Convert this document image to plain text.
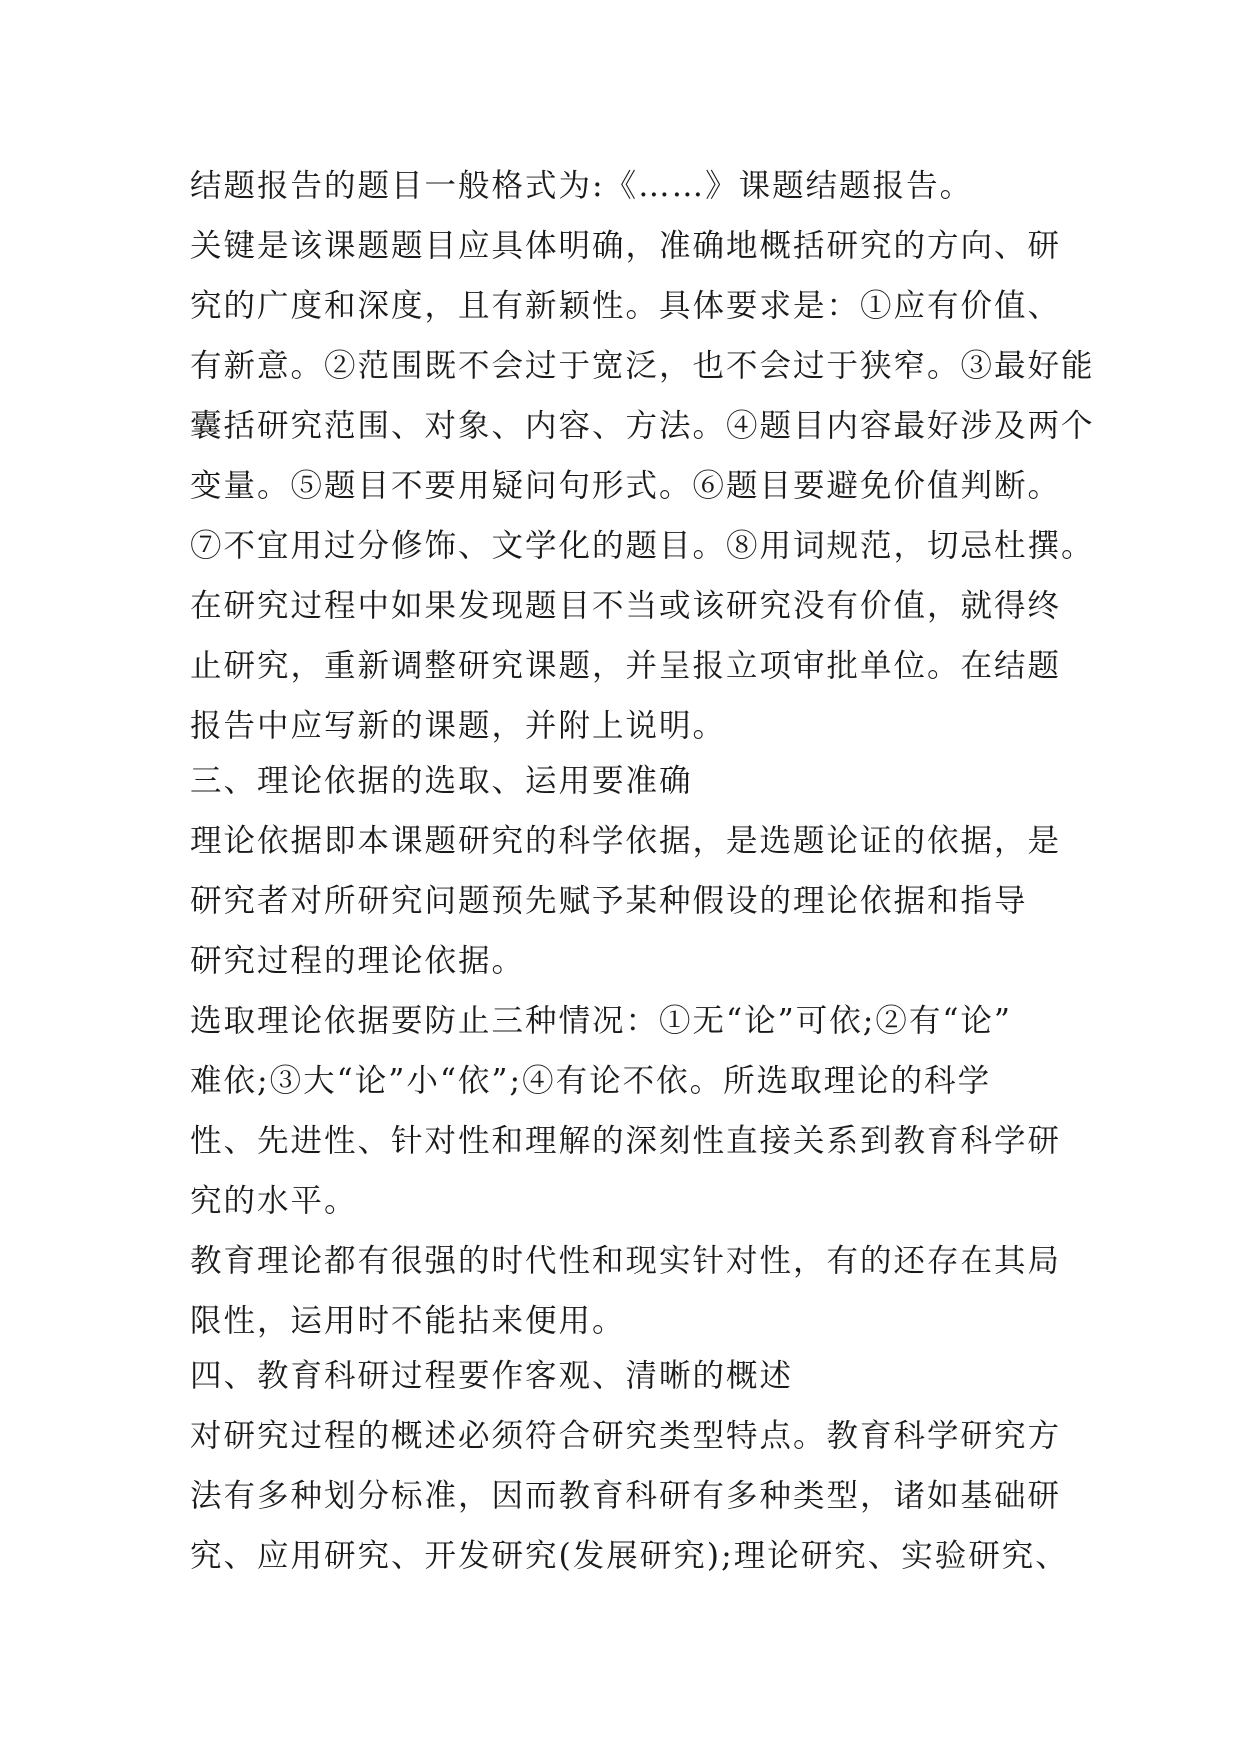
结题报告的题目一般格式为:《……》课题结题报告。
关键是该课题题目应具体明确，准确地概括研究的方向、研
究的广度和深度，且有新颖性。具体要求是：①应有价值、
有新意。②范围既不会过于宽泛，也不会过于狭窄。③最好能
囊括研究范围、对象、内容、方法。④题目内容最好涉及两个
变量。⑤题目不要用疑问句形式。⑥题目要避免价值判断。
⑦不宜用过分修饰、文学化的题目。⑧用词规范，切忌杜撰。
在研究过程中如果发现题目不当或该研究没有价值，就得终
止研究，重新调整研究课题，并呈报立项审批单位。在结题
报告中应写新的课题，并附上说明。
三、理论依据的选取、运用要准确
理论依据即本课题研究的科学依据，是选题论证的依据，是
研究者对所研究问题预先赋予某种假设的理论依据和指导
研究过程的理论依据。
选取理论依据要防止三种情况：①无“论”可依;②有“论”
难依;③大“论”小“依”;④有论不依。所选取理论的科学
性、先进性、针对性和理解的深刻性直接关系到教育科学研
究的水平。
教育理论都有很强的时代性和现实针对性，有的还存在其局
限性，运用时不能拈来便用。
四、教育科研过程要作客观、清晰的概述
对研究过程的概述必须符合研究类型特点。教育科学研究方
法有多种划分标准，因而教育科研有多种类型，诸如基础研
究、应用研究、开发研究(发展研究);理论研究、实验研究、
